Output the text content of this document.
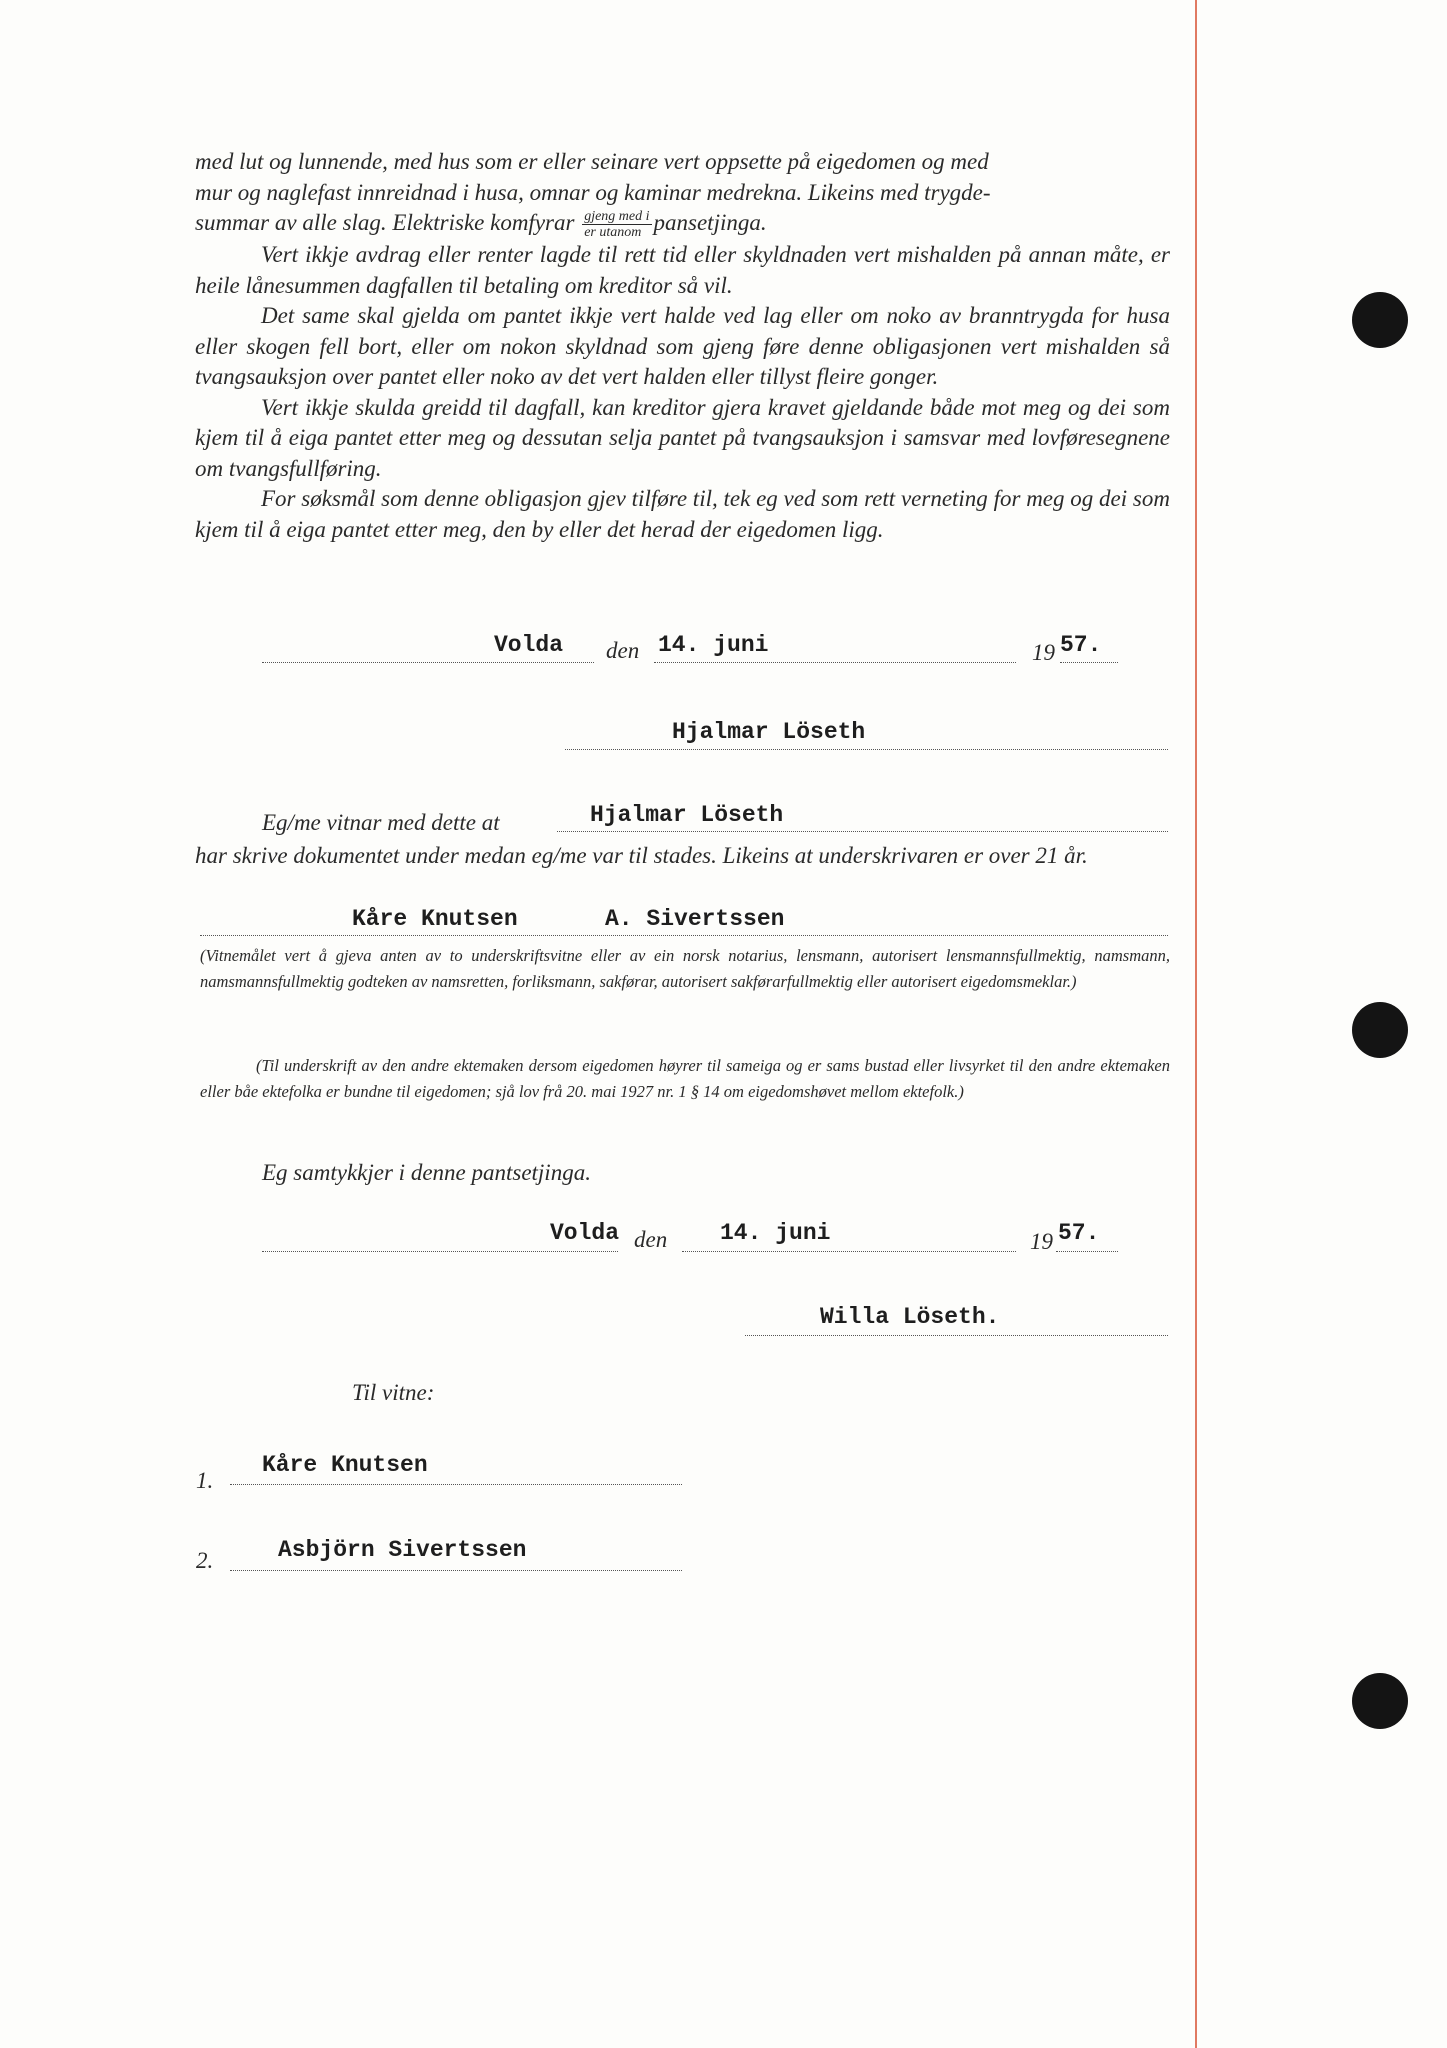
med lut og lunnende, med hus som er eller seinare vert oppsette på eigedomen og med

mur og naglefast innreidnad i husa, omnar og kaminar medrekna. Likeins med trygde-

summar av alle slag. Elektriske komfyrar $\frac{\text{gjeng med i}}{\text{er utanom}}$ pansetjinga.

Vert ikkje avdrag eller renter lagde til rett tid eller skyldnaden vert mishalden på annan måte, er heile lånesummen dagfallen til betaling om kreditor så vil.

Det same skal gjelda om pantet ikkje vert halde ved lag eller om noko av branntrygda for husa eller skogen fell bort, eller om nokon skyldnad som gjeng føre denne obligasjonen vert mishalden så tvangsauksjon over pantet eller noko av det vert halden eller tillyst fleire gonger.

Vert ikkje skulda greidd til dagfall, kan kreditor gjera kravet gjeldande både mot meg og dei som kjem til å eiga pantet etter meg og dessutan selja pantet på tvangsauksjon i samsvar med lovføresegnene om tvangsfullføring.

For søksmål som denne obligasjon gjev tilføre til, tek eg ved som rett verneting for meg og dei som kjem til å eiga pantet etter meg, den by eller det herad der eigedomen ligg.

Volda den 14. juni	19 57.
Hjalmar Löseth
Eg/me vitnar med dette at	Hjalmar Löseth

har skrive dokumentet under medan eg/me var til stades. Likeins at underskrivaren er over 21 år.

Kåre Knutsen	A. Sivertssen

(Vitnemålet vert å gjeva anten av to underskriftsvitne eller av ein norsk notarius, lensmann, autorisert lensmannsfullmektig, namsmann, namsmannsfullmektig godteken av namsretten, forliksmann, sakførar, autorisert sakførarfullmektig eller autorisert eigedomsmeklar.)

(Til underskrift av den andre ektemaken dersom eigedomen høyrer til sameiga og er sams bustad eller livsyrket til den andre ektemaken eller båe ektefolka er bundne til eigedomen; sjå lov frå 20. mai 1927 nr. 1 § 14 om eigedomshøvet mellom ektefolk.)

Eg samtykkjer i denne pantsetjinga.
Volda den 14. juni	19 57.
Willa Löseth.
Til vitne:
1.
Kåre Knutsen
2.	Asbjörn Sivertssen
